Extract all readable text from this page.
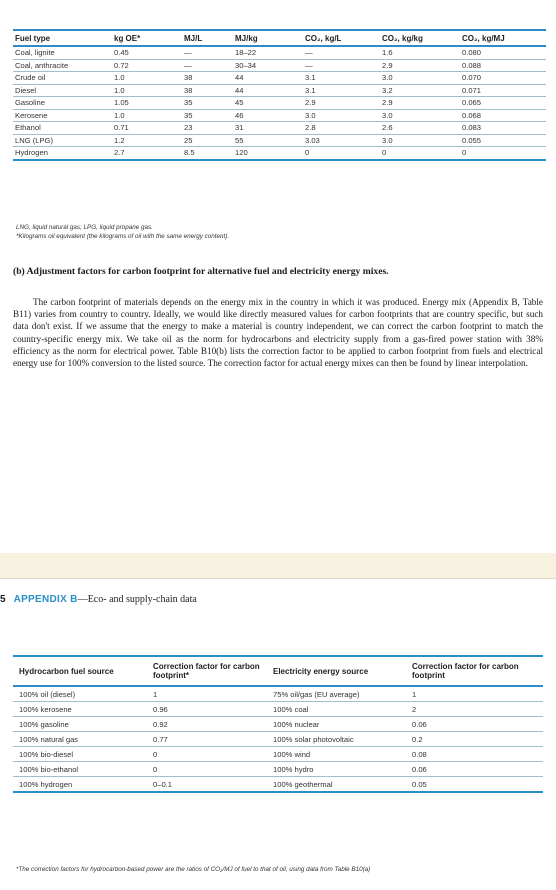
Fuel type	kg OE*	MJ/L	MJ/kg	CO₂, kg/L	CO₂, kg/kg	CO₂, kg/MJ
Coal, lignite	0.45	—	18–22	—	1.6	0.080
Coal, anthracite	0.72	—	30–34	—	2.9	0.088
Crude oil	1.0	38	44	3.1	3.0	0.070
Diesel	1.0	38	44	3.1	3.2	0.071
Gasoline	1.05	35	45	2.9	2.9	0.065
Kerosene	1.0	35	46	3.0	3.0	0.068
Ethanol	0.71	23	31	2.8	2.6	0.083
LNG (LPG)	1.2	25	55	3.03	3.0	0.055
Hydrogen	2.7	8.5	120	0	0	0
LNG, liquid natural gas; LPG, liquid propane gas.
*Kilograms oil equivalent (the kilograms of oil with the same energy content).
(b) Adjustment factors for carbon footprint for alternative fuel and electricity energy mixes.

The carbon footprint of materials depends on the energy mix in the country in which it was produced. Energy mix (Appendix B, Table B11) varies from country to country. Ideally, we would like directly measured values for carbon footprints that are country specific, but such data don't exist. If we assume that the energy to make a material is country independent, we can correct the carbon footprint to match the country-specific energy mix. We take oil as the norm for hydrocarbons and electricity supply from a gas-fired power station with 38% efficiency as the norm for electrical power. Table B10(b) lists the correction factor to be applied to carbon footprint from fuels and electrical energy use for 100% conversion to the listed source. The correction factor for actual energy mixes can then be found by linear interpolation.

5 APPENDIX B—Eco- and supply-chain data
Hydrocarbon fuel source	Correction factor for carbon footprint*	Electricity energy source	Correction factor for carbon footprint
100% oil (diesel)	1	75% oil/gas (EU average)	1
100% kerosene	0.96	100% coal	2
100% gasoline	0.92	100% nuclear	0.06
100% natural gas	0.77	100% solar photovoltaic	0.2
100% bio-diesel	0	100% wind	0.08
100% bio-ethanol	0	100% hydro	0.06
100% hydrogen	0–0.1	100% geothermal	0.05
*The correction factors for hydrocarbon-based power are the ratios of CO₂/MJ of fuel to that of oil, using data from Table B10(a)
